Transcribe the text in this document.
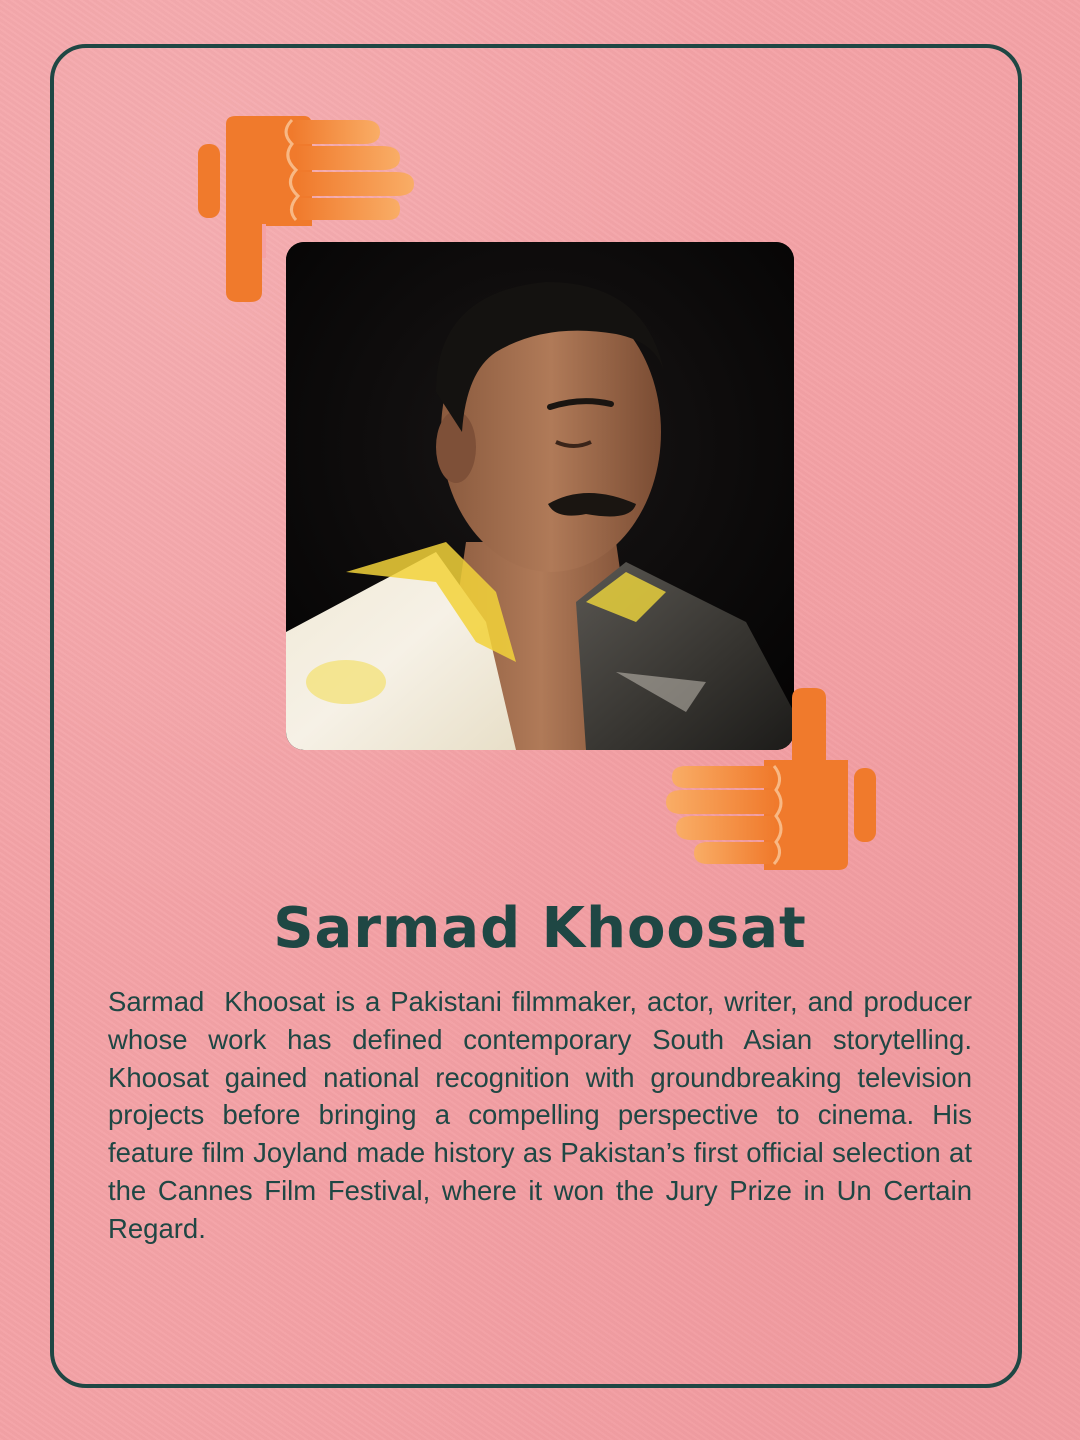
Sarmad Khoosat

Sarmad  Khoosat is a Pakistani filmmaker, actor, writer, and producer whose work has defined contemporary South Asian storytelling. Khoosat gained national recognition with groundbreaking television projects before bringing a compelling perspective to cinema. His feature film Joyland made history as Pakistan’s first official selection at the Cannes Film Festival, where it won the Jury Prize in Un Certain Regard.
